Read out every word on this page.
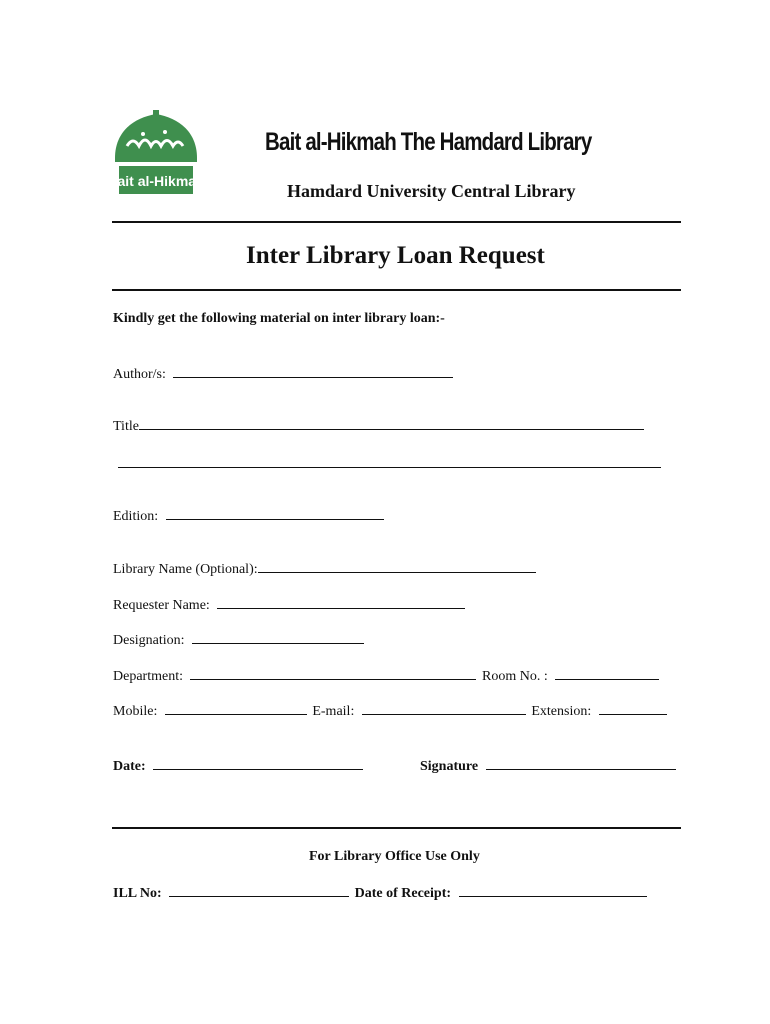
Bait al-Hikmah
Bait al-Hikmah The Hamdard Library
Hamdard University Central Library
Inter Library Loan Request
Kindly get the following material on inter library loan:-
Author/s:
Title
Edition:
Library Name (Optional):
Requester Name:
Designation:
Department:	Room No. :
Mobile:	E-mail:	Extension:
Date:	Signature
For Library Office Use Only
ILL No:	Date of Receipt:
